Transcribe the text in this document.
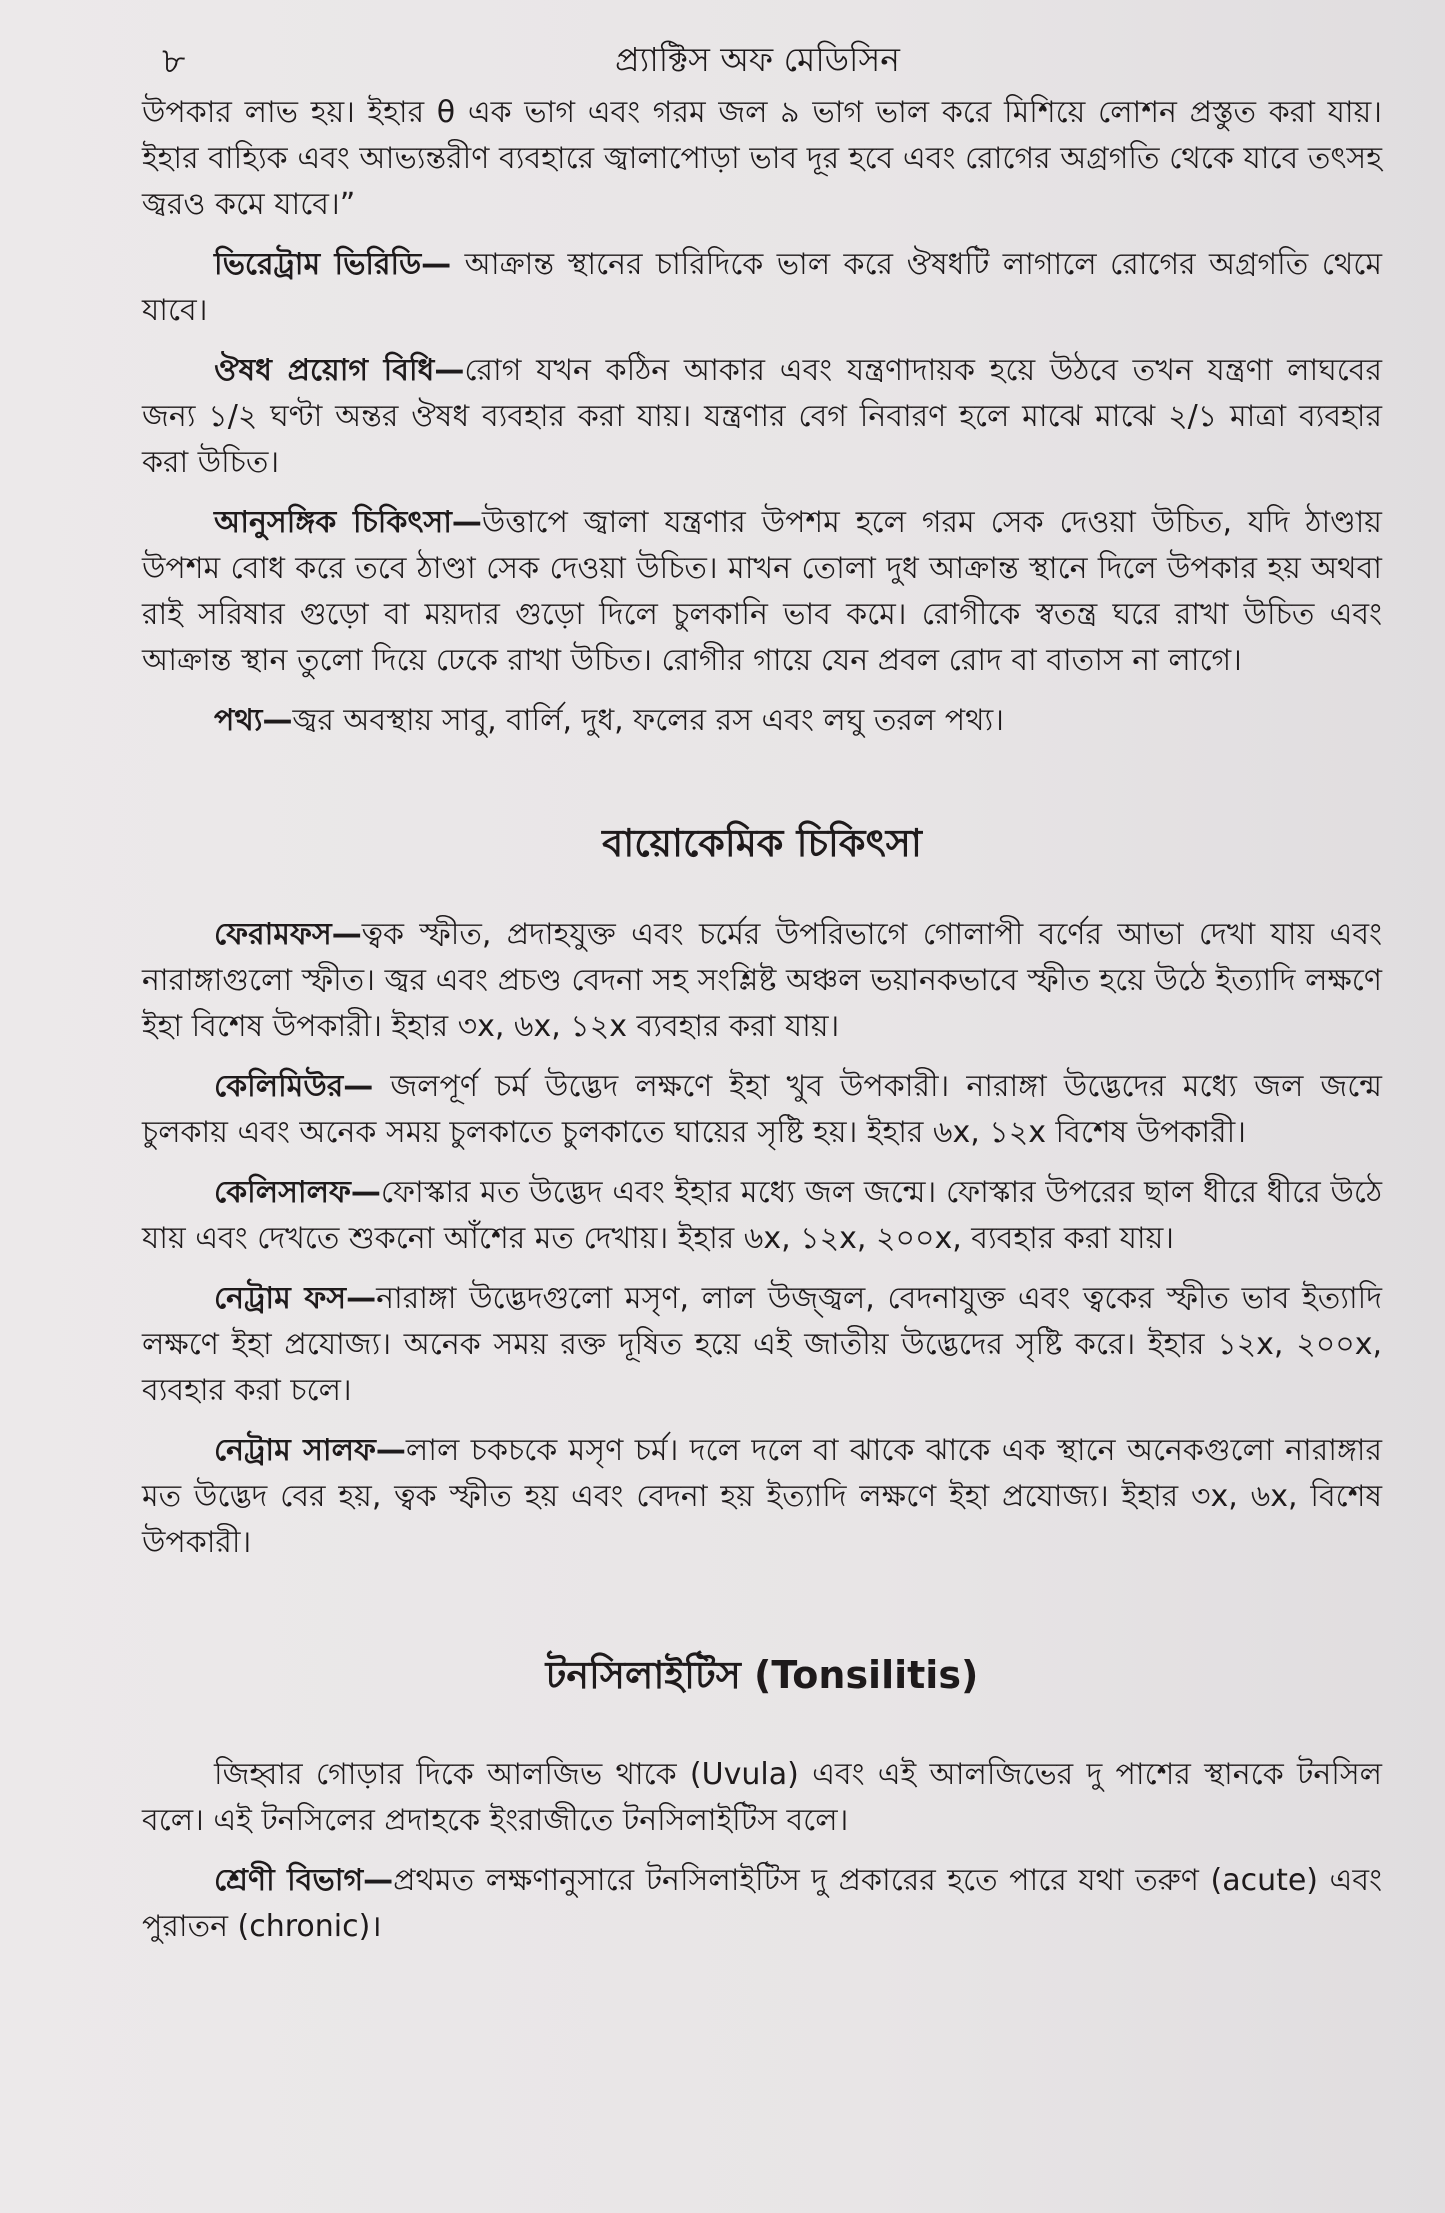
৮	প্র্যাক্টিস অফ মেডিসিন

উপকার লাভ হয়। ইহার θ এক ভাগ এবং গরম জল ৯ ভাগ ভাল করে মিশিয়ে লোশন প্রস্তুত করা যায়। ইহার বাহ্যিক এবং আভ্যন্তরীণ ব্যবহারে জ্বালাপোড়া ভাব দূর হবে এবং রোগের অগ্রগতি থেকে যাবে তৎসহ জ্বরও কমে যাবে।”

ভিরেট্রাম ভিরিডি— আক্রান্ত স্থানের চারিদিকে ভাল করে ঔষধটি লাগালে রোগের অগ্রগতি থেমে যাবে।

ঔষধ প্রয়োগ বিধি—রোগ যখন কঠিন আকার এবং যন্ত্রণাদায়ক হয়ে উঠবে তখন যন্ত্রণা লাঘবের জন্য ১/২ ঘণ্টা অন্তর ঔষধ ব্যবহার করা যায়। যন্ত্রণার বেগ নিবারণ হলে মাঝে মাঝে ২/১ মাত্রা ব্যবহার করা উচিত।

আনুসঙ্গিক চিকিৎসা—উত্তাপে জ্বালা যন্ত্রণার উপশম হলে গরম সেক দেওয়া উচিত, যদি ঠাণ্ডায় উপশম বোধ করে তবে ঠাণ্ডা সেক দেওয়া উচিত। মাখন তোলা দুধ আক্রান্ত স্থানে দিলে উপকার হয় অথবা রাই সরিষার গুড়ো বা ময়দার গুড়ো দিলে চুলকানি ভাব কমে। রোগীকে স্বতন্ত্র ঘরে রাখা উচিত এবং আক্রান্ত স্থান তুলো দিয়ে ঢেকে রাখা উচিত। রোগীর গায়ে যেন প্রবল রোদ বা বাতাস না লাগে।

পথ্য—জ্বর অবস্থায় সাবু, বার্লি, দুধ, ফলের রস এবং লঘু তরল পথ্য।

বায়োকেমিক চিকিৎসা

ফেরামফস—ত্বক স্ফীত, প্রদাহযুক্ত এবং চর্মের উপরিভাগে গোলাপী বর্ণের আভা দেখা যায় এবং নারাঙ্গাগুলো স্ফীত। জ্বর এবং প্রচণ্ড বেদনা সহ সংশ্লিষ্ট অঞ্চল ভয়ানকভাবে স্ফীত হয়ে উঠে ইত্যাদি লক্ষণে ইহা বিশেষ উপকারী। ইহার ৩x, ৬x, ১২x ব্যবহার করা যায়।

কেলিমিউর— জলপূর্ণ চর্ম উদ্ভেদ লক্ষণে ইহা খুব উপকারী। নারাঙ্গা উদ্ভেদের মধ্যে জল জন্মে চুলকায় এবং অনেক সময় চুলকাতে চুলকাতে ঘায়ের সৃষ্টি হয়। ইহার ৬x, ১২x বিশেষ উপকারী।

কেলিসালফ—ফোস্কার মত উদ্ভেদ এবং ইহার মধ্যে জল জন্মে। ফোস্কার উপরের ছাল ধীরে ধীরে উঠে যায় এবং দেখতে শুকনো আঁশের মত দেখায়। ইহার ৬x, ১২x, ২০০x, ব্যবহার করা যায়।

নেট্রাম ফস—নারাঙ্গা উদ্ভেদগুলো মসৃণ, লাল উজ্জ্বল, বেদনাযুক্ত এবং ত্বকের স্ফীত ভাব ইত্যাদি লক্ষণে ইহা প্রযোজ্য। অনেক সময় রক্ত দূষিত হয়ে এই জাতীয় উদ্ভেদের সৃষ্টি করে। ইহার ১২x, ২০০x, ব্যবহার করা চলে।

নেট্রাম সালফ—লাল চকচকে মসৃণ চর্ম। দলে দলে বা ঝাকে ঝাকে এক স্থানে অনেকগুলো নারাঙ্গার মত উদ্ভেদ বের হয়, ত্বক স্ফীত হয় এবং বেদনা হয় ইত্যাদি লক্ষণে ইহা প্রযোজ্য। ইহার ৩x, ৬x, বিশেষ উপকারী।

টনসিলাইটিস (Tonsilitis)

জিহ্বার গোড়ার দিকে আলজিভ থাকে (Uvula) এবং এই আলজিভের দু পাশের স্থানকে টনসিল বলে। এই টনসিলের প্রদাহকে ইংরাজীতে টনসিলাইটিস বলে।

শ্রেণী বিভাগ—প্রথমত লক্ষণানুসারে টনসিলাইটিস দু প্রকারের হতে পারে যথা তরুণ (acute) এবং পুরাতন (chronic)।
